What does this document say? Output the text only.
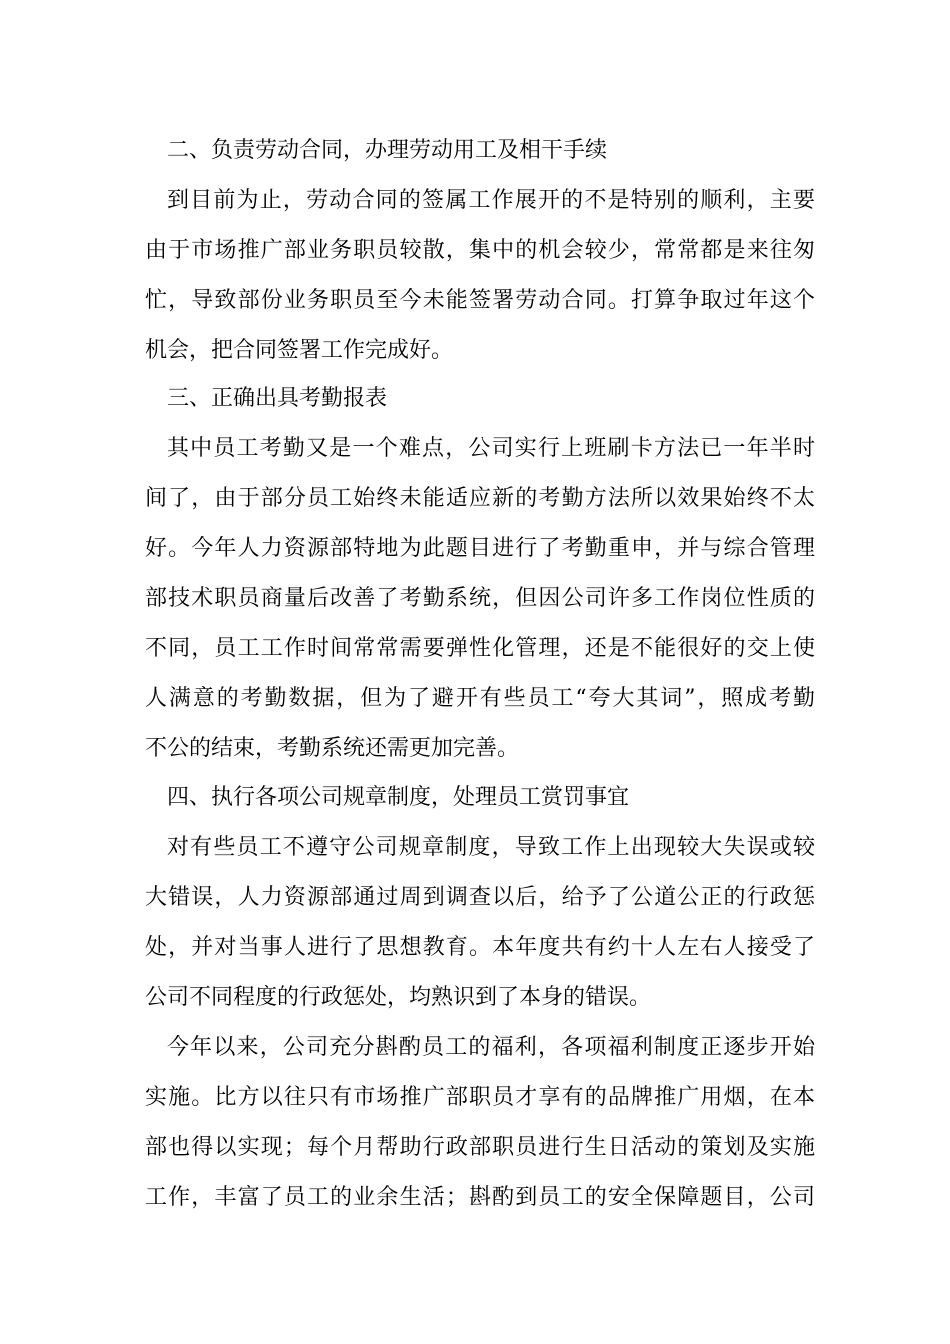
二、负责劳动合同，办理劳动用工及相干手续
到目前为止，劳动合同的签属工作展开的不是特别的顺利，主要
由于市场推广部业务职员较散，集中的机会较少，常常都是来往匆
忙，导致部份业务职员至今未能签署劳动合同。打算争取过年这个
机会，把合同签署工作完成好。
三、正确出具考勤报表
其中员工考勤又是一个难点，公司实行上班刷卡方法已一年半时
间了，由于部分员工始终未能适应新的考勤方法所以效果始终不太
好。今年人力资源部特地为此题目进行了考勤重申，并与综合管理
部技术职员商量后改善了考勤系统，但因公司许多工作岗位性质的
不同，员工工作时间常常需要弹性化管理，还是不能很好的交上使
人满意的考勤数据，但为了避开有些员工“夸大其词”，照成考勤
不公的结束，考勤系统还需更加完善。
四、执行各项公司规章制度，处理员工赏罚事宜
对有些员工不遵守公司规章制度，导致工作上出现较大失误或较
大错误，人力资源部通过周到调查以后，给予了公道公正的行政惩
处，并对当事人进行了思想教育。本年度共有约十人左右人接受了
公司不同程度的行政惩处，均熟识到了本身的错误。
今年以来，公司充分斟酌员工的福利，各项福利制度正逐步开始
实施。比方以往只有市场推广部职员才享有的品牌推广用烟，在本
部也得以实现；每个月帮助行政部职员进行生日活动的策划及实施
工作，丰富了员工的业余生活；斟酌到员工的安全保障题目，公司
